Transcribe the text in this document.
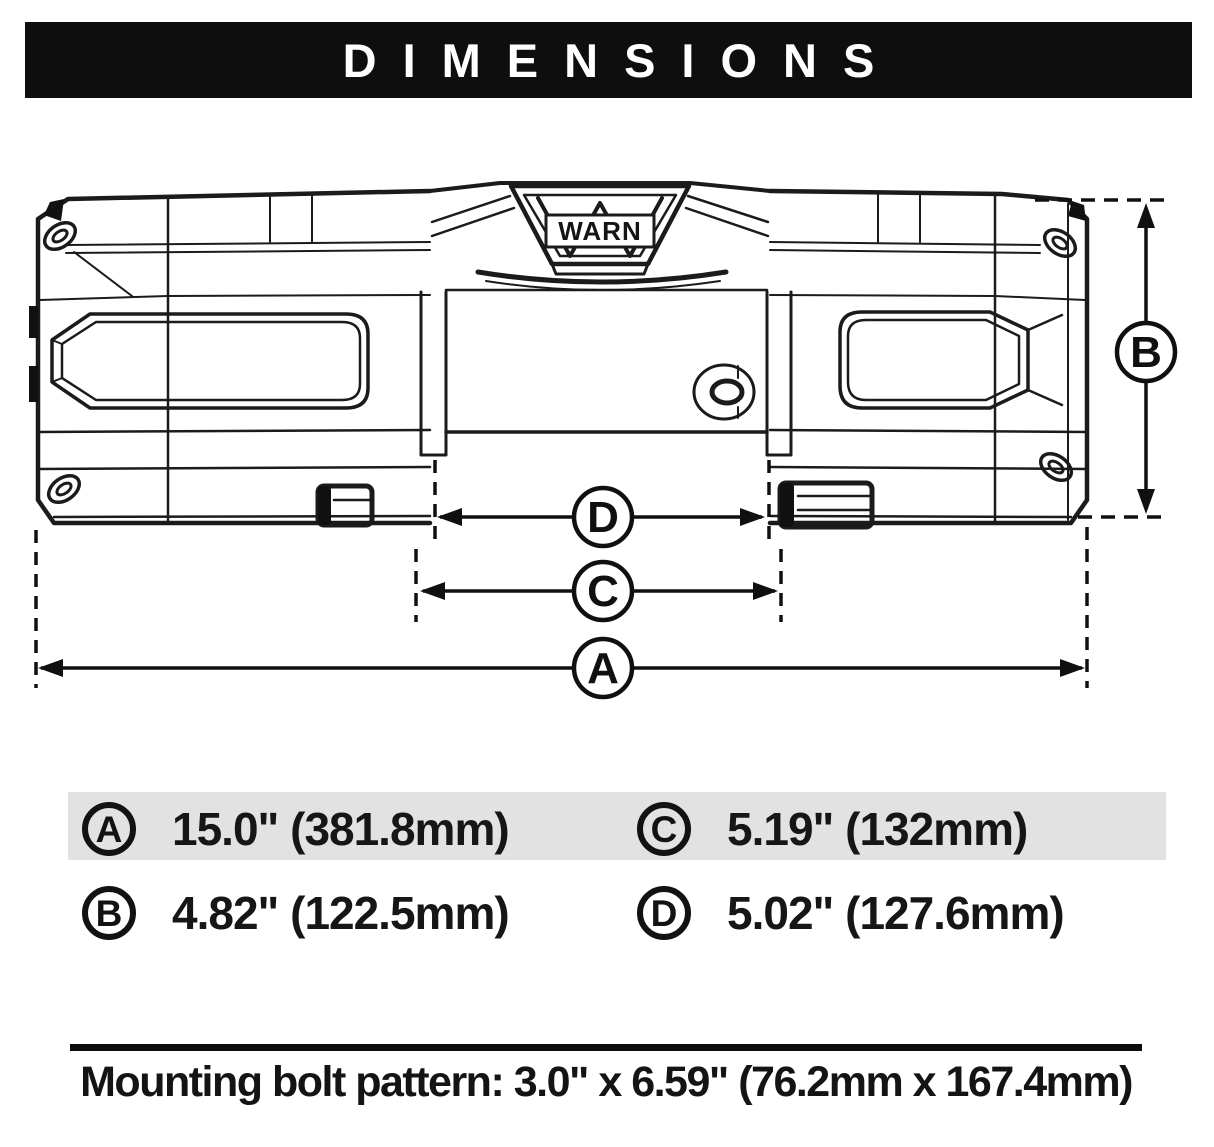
DIMENSIONS
WARN
B
D
C
A
A 15.0" (381.8mm)	C 5.19" (132mm)
B 4.82" (122.5mm)	D 5.02" (127.6mm)
Mounting bolt pattern: 3.0" x 6.59" (76.2mm x 167.4mm)
